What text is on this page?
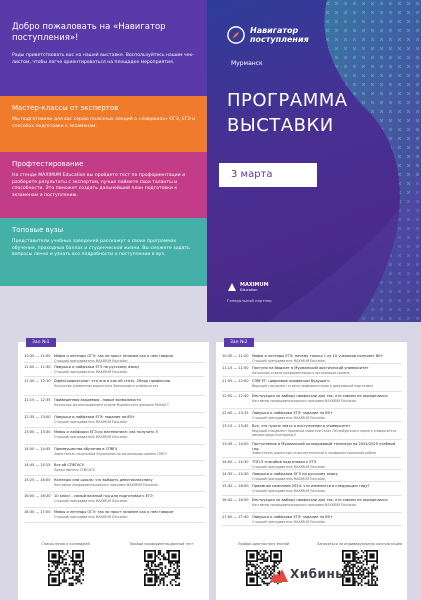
Добро пожаловать на «Навигатор поступления»!

Рады приветствовать вас на нашей выставке. Воспользуйтесь нашим чек-листом, чтобы легче ориентироваться на площадке мероприятия.

Мастер-классы от экспертов

Мы подготовили для вас серию полезных лекций о «ловушках» ОГЭ, ЕГЭ и способах подготовки к экзаменам.

Профтестирование

На стенде MAXIMUM Education вы пройдете тест по профориентации и разберете результаты с экспертом, лучше поймете свои таланты и способности. Это поможет создать дальнейший план подготовки к экзаменам и поступлению.

Топовые вузы

Представители учебных заведений расскажут о своих программах обучения, проходных баллах и студенческой жизни. Вы сможете задать вопросы лично и узнать все подробности о поступлении в вуз.

Навигатор
поступления
Мурманск
ПРОГРАММА
ВЫСТАВКИ
3 марта
MAXIMUM
Education
Генеральный партнер
Зал №1
10:30 — 11:00 Мифы и легенды ОГЭ: так ли прост экзамен как о нем говорят
Старший преподаватель MAXIMUM Education
11:00 — 11:30 Ловушки и лайфхаки ЕГЭ по русскому языку
Старший преподаватель MAXIMUM Education
11:30 — 12:10 Digital-маркетолог: кто она и как ей стать. Обзор профессии
Начальник управления маркетинга Финансового университета
12:15 — 12:35 Приведенная академия - новые возможности
Начальник организационного отдела Мурманского филиала РАНХиГС
12:35 — 13:00 Ловушки и лайфхаки ЕГЭ: задание на 80+
Старший преподаватель MAXIMUM Education
13:00 — 13:30 Мифы и лайфхаки ЕГЭ-по математике: как получить 5
Старший преподаватель MAXIMUM Education
14:00 — 14:45 Преимущества обучения в СПбГУ
Заместитель начальника Управления по организации приема СПбГУ
14:45 — 15:25 Все об СПбГАСУ
Представитель СПбГАСУ
15:25 — 16:00 Колледж или школа: что выбрать девятикласснику
Наставник профориентационных программ MAXIMUM Education
16:00 — 16:30 10 класс - самый важный год для подготовки к ЕГЭ
Старший преподаватель MAXIMUM Education
16:30 — 17:00 Мифы и легенды ОГЭ: так ли прост экзамен как о нем говорят
Старший преподаватель MAXIMUM Education
Список вузов и колледжей	Пройди профориентационный тест
Зал №2
10:30 — 11:00 Мифы и легенды ЕГЭ: почему только 1 из 10 учеников получает 80+
Старший преподаватель MAXIMUM Education
11:15 — 11:50 Поступи на бюджет в Мурманский арктический университет
Начальник отдела профориентации и организации приема
11:50 — 12:00 СПбГУТ: цифровые профессии будущего
Ведущий специалист отдела профориентации и довузовской подготовки
12:00 — 12:40 Инструкция по выбору профессии для тех, кто совсем не определился
Наставник профориентационных программ MAXIMUM Education
12:40 — 13:15 Ловушки и лайфхаки ЕГЭ: задание на 80+
Старший преподаватель MAXIMUM Education
13:15 — 13:45 Все, что нужно знать о поступлении в университет
Ведущий специалист приемной комиссии Санкт-Петербургского горного университета императрицы Екатерины II
13:45 — 14:00 Поступление в Мурманский колледжевый техникум на 2024/2025 учебный год
Заместитель директора по воспитательной и профориентационной работе
14:00 — 14:30 ТОП-5 способов подготовки к ЕГЭ
Старший преподаватель MAXIMUM Education
14:30 — 15:30 Ловушки и лайфхаки ОГЭ по русскому языку
Старший преподаватель MAXIMUM Education
15:30 — 16:00 Приемная кампания 2024: что изменится в следующем году?
Старший преподаватель MAXIMUM Education
16:30 — 16:50 Инструкция по выбору профессии для тех, кто совсем не определился
Наставник профориентационных программ MAXIMUM Education
17:00 — 17:40 Ловушки и лайфхаки ЕГЭ: задание на 80+
Старший преподаватель MAXIMUM Education
Пройди диагностику знаний	Записаться на индивидуальную консультацию
Хибины
